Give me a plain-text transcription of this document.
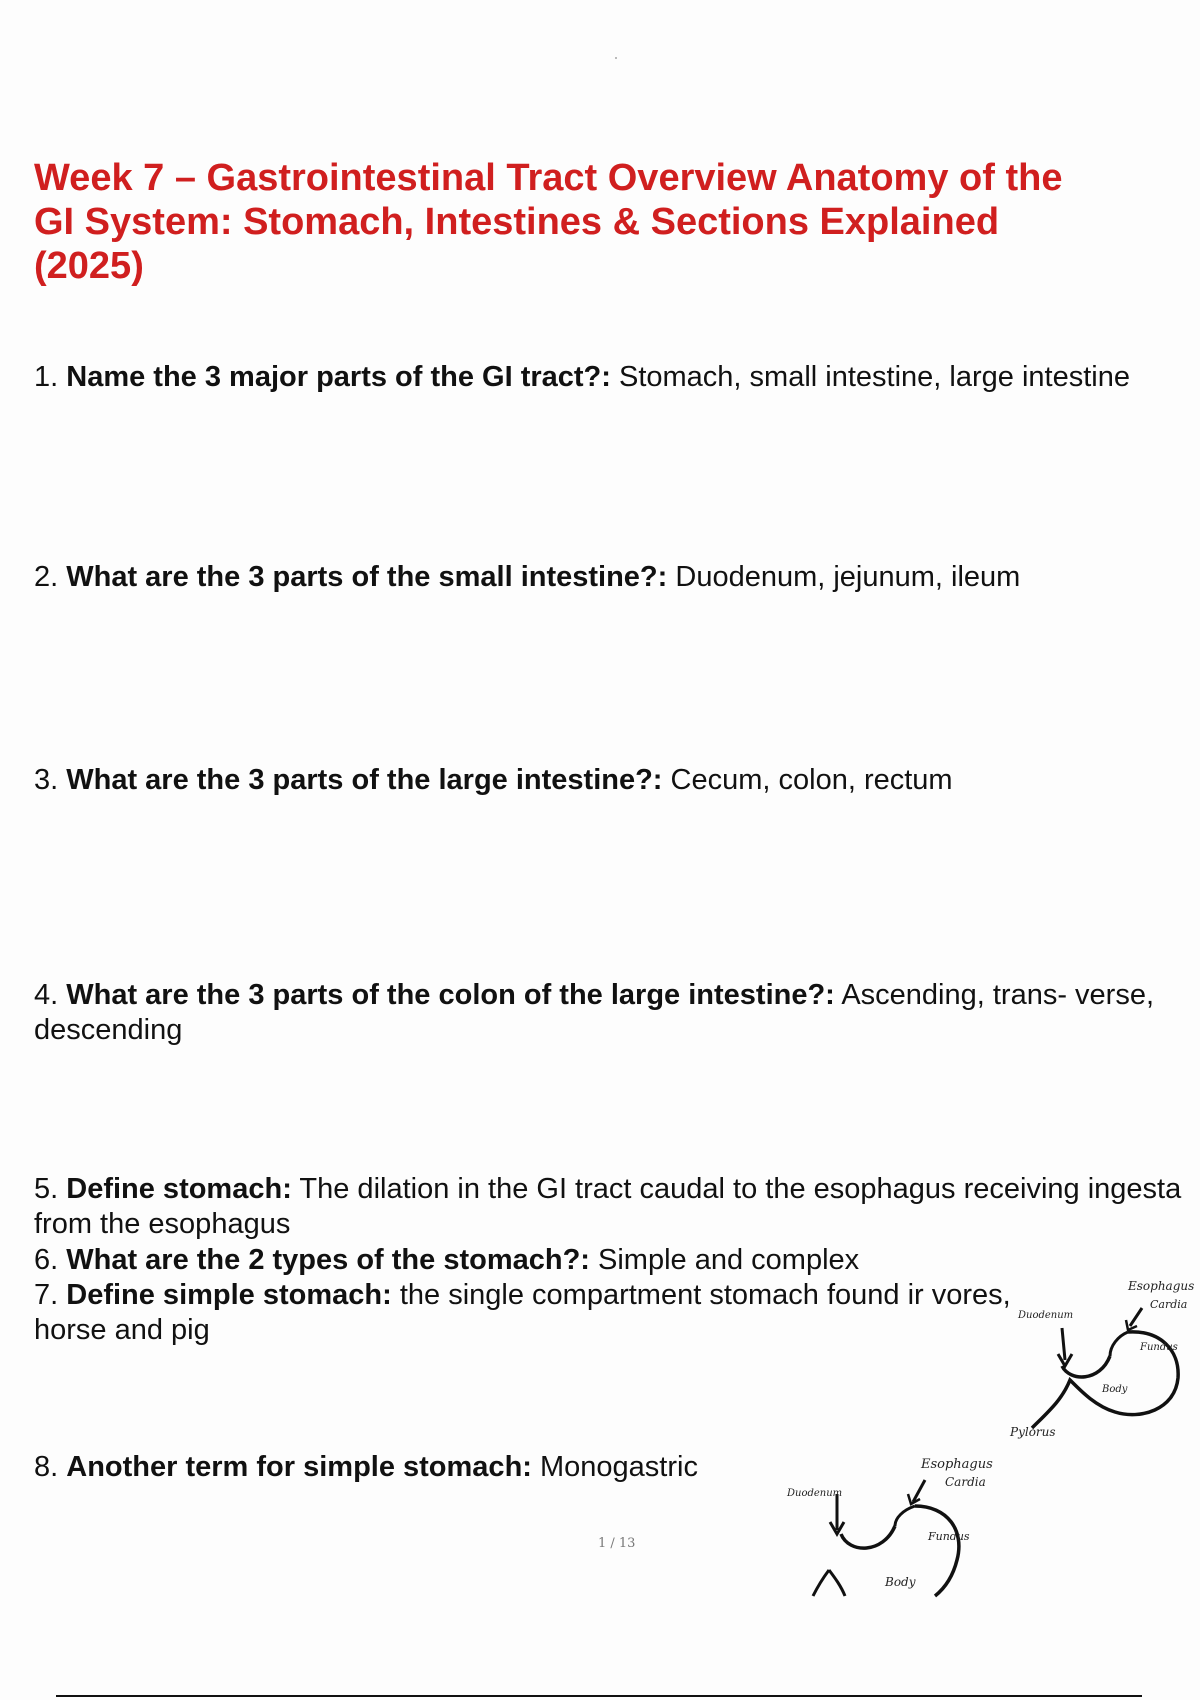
Week 7 – Gastrointestinal Tract Overview Anatomy of the GI System: Stomach, Intestines & Sections Explained (2025)

1. Name the 3 major parts of the GI tract?: Stomach, small intestine, large intestine

2. What are the 3 parts of the small intestine?: Duodenum, jejunum, ileum

3. What are the 3 parts of the large intestine?: Cecum, colon, rectum

4. What are the 3 parts of the colon of the large intestine?: Ascending, trans- verse, descending

5. Define stomach: The dilation in the GI tract caudal to the esophagus receiving ingesta from the esophagus

6. What are the 2 types of the stomach?: Simple and complex

7. Define simple stomach: the single compartment stomach found ir vores, horse and pig

8. Another term for simple stomach: Monogastric

Esophagus
Cardia
Duodenum
Fundus
Body
Pylorus
Esophagus
Cardia
Duodenum
Fundus
Body
1 / 13
